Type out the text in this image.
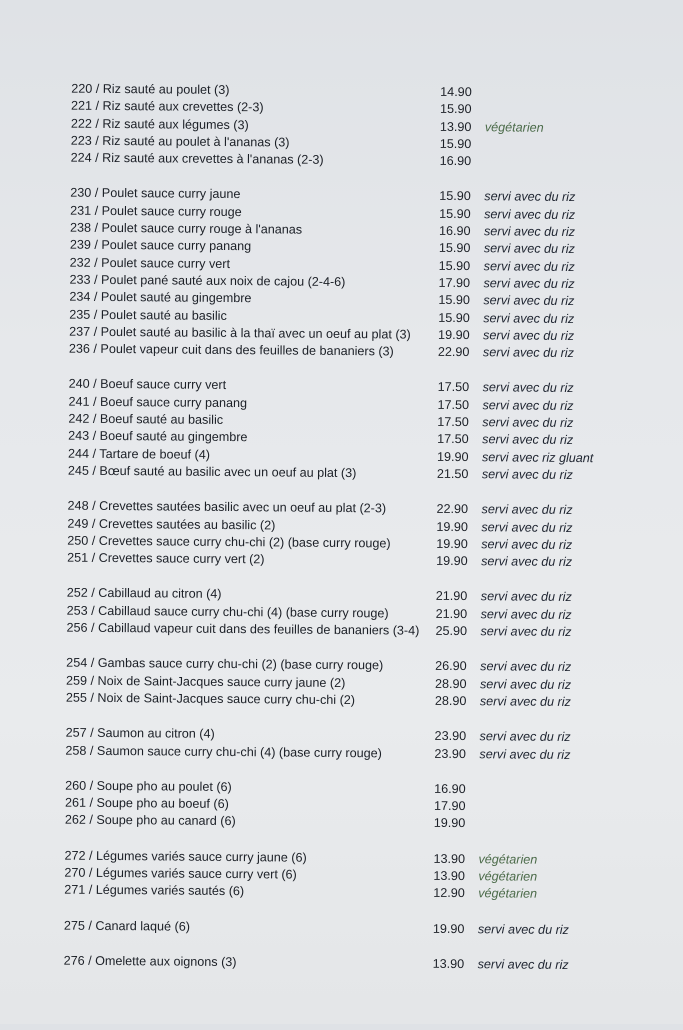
220 / Riz sauté au poulet (3)	14.90
221 / Riz sauté aux crevettes (2-3)	15.90
222 / Riz sauté aux légumes (3)	13.90 végétarien
223 / Riz sauté au poulet à l'ananas (3)	15.90
224 / Riz sauté aux crevettes à l'ananas (2-3)	16.90
230 / Poulet sauce curry jaune	15.90 servi avec du riz
231 / Poulet sauce curry rouge	15.90 servi avec du riz
238 / Poulet sauce curry rouge à l'ananas	16.90 servi avec du riz
239 / Poulet sauce curry panang	15.90 servi avec du riz
232 / Poulet sauce curry vert	15.90 servi avec du riz
233 / Poulet pané sauté aux noix de cajou (2-4-6)	17.90 servi avec du riz
234 / Poulet sauté au gingembre	15.90 servi avec du riz
235 / Poulet sauté au basilic	15.90 servi avec du riz
237 / Poulet sauté au basilic à la thaï avec un oeuf au plat (3) 19.90 servi avec du riz
236 / Poulet vapeur cuit dans des feuilles de bananiers (3)	22.90 servi avec du riz
240 / Boeuf sauce curry vert	17.50 servi avec du riz
241 / Boeuf sauce curry panang	17.50 servi avec du riz
242 / Boeuf sauté au basilic	17.50 servi avec du riz
243 / Boeuf sauté au gingembre	17.50 servi avec du riz
244 / Tartare de boeuf (4)	19.90 servi avec riz gluant
245 / Bœuf sauté au basilic avec un oeuf au plat (3)	21.50 servi avec du riz
248 / Crevettes sautées basilic avec un oeuf au plat (2-3)	22.90 servi avec du riz
249 / Crevettes sautées au basilic (2)	19.90 servi avec du riz
250 / Crevettes sauce curry chu-chi (2) (base curry rouge)	19.90 servi avec du riz
251 / Crevettes sauce curry vert (2)	19.90 servi avec du riz
252 / Cabillaud au citron (4)	21.90 servi avec du riz
253 / Cabillaud sauce curry chu-chi (4) (base curry rouge)	21.90 servi avec du riz
256 / Cabillaud vapeur cuit dans des feuilles de bananiers (3-4) 25.90 servi avec du riz
254 / Gambas sauce curry chu-chi (2) (base curry rouge)	26.90 servi avec du riz
259 / Noix de Saint-Jacques sauce curry jaune (2)	28.90 servi avec du riz
255 / Noix de Saint-Jacques sauce curry chu-chi (2)	28.90 servi avec du riz
257 / Saumon au citron (4)	23.90 servi avec du riz
258 / Saumon sauce curry chu-chi (4) (base curry rouge)	23.90 servi avec du riz
260 / Soupe pho au poulet (6)	16.90
261 / Soupe pho au boeuf (6)	17.90
262 / Soupe pho au canard (6)	19.90
272 / Légumes variés sauce curry jaune (6)	13.90 végétarien
270 / Légumes variés sauce curry vert (6)	13.90 végétarien
271 / Légumes variés sautés (6)	12.90 végétarien
275 / Canard laqué (6)	19.90 servi avec du riz
276 / Omelette aux oignons (3)	13.90 servi avec du riz
